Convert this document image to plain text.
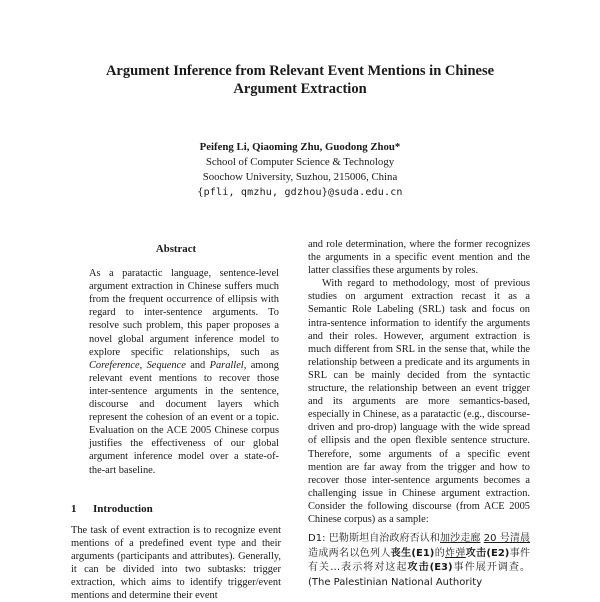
Argument Inference from Relevant Event Mentions in Chinese
Argument Extraction
Peifeng Li, Qiaoming Zhu, Guodong Zhou*
School of Computer Science & Technology
Soochow University, Suzhou, 215006, China
{pfli, qmzhu, gdzhou}@suda.edu.cn
Abstract

As a paratactic language, sentence-level argument extraction in Chinese suffers much from the frequent occurrence of ellipsis with regard to inter-sentence arguments. To resolve such problem, this paper proposes a novel global argument inference model to explore specific relationships, such as Coreference, Sequence and Parallel, among relevant event mentions to recover those inter-sentence arguments in the sentence, discourse and document layers which represent the cohesion of an event or a topic. Evaluation on the ACE 2005 Chinese corpus justifies the effectiveness of our global argument inference model over a state-of-the-art baseline.

1 Introduction

The task of event extraction is to recognize event mentions of a predefined event type and their arguments (participants and attributes). Generally, it can be divided into two subtasks: trigger extraction, which aims to identify trigger/event mentions and determine their event

and role determination, where the former recognizes the arguments in a specific event mention and the latter classifies these arguments by roles.

With regard to methodology, most of previous studies on argument extraction recast it as a Semantic Role Labeling (SRL) task and focus on intra-sentence information to identify the arguments and their roles. However, argument extraction is much different from SRL in the sense that, while the relationship between a predicate and its arguments in SRL can be mainly decided from the syntactic structure, the relationship between an event trigger and its arguments are more semantics-based, especially in Chinese, as a paratactic (e.g., discourse-driven and pro-drop) language with the wide spread of ellipsis and the open flexible sentence structure. Therefore, some arguments of a specific event mention are far away from the trigger and how to recover those inter-sentence arguments becomes a challenging issue in Chinese argument extraction. Consider the following discourse (from ACE 2005 Chinese corpus) as a sample:

D1: 巴勒斯坦自治政府否认和加沙走廊 20 号清晨造成两名以色列人丧生(E1)的炸弹攻击(E2)事件有关…表示将对这起攻击(E3)事件展开调查。 (The Palestinian National Authority
